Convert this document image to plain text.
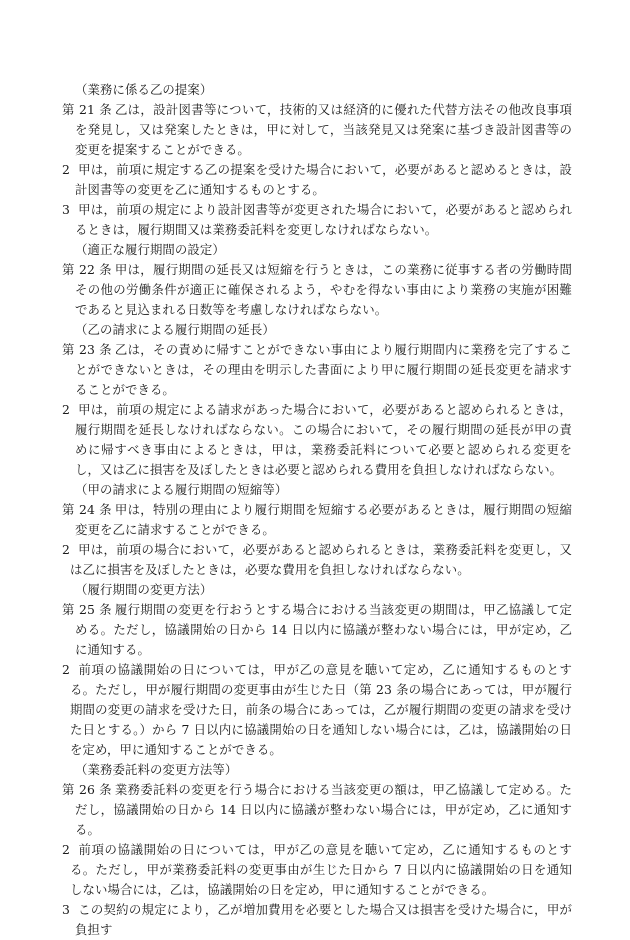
（業務に係る乙の提案）

第 21 条 乙は，設計図書等について，技術的又は経済的に優れた代替方法その他改良事項を発見し，又は発案したときは，甲に対して，当該発見又は発案に基づき設計図書等の変更を提案することができる。

2 甲は，前項に規定する乙の提案を受けた場合において，必要があると認めるときは，設計図書等の変更を乙に通知するものとする。

3 甲は，前項の規定により設計図書等が変更された場合において，必要があると認められるときは，履行期間又は業務委託料を変更しなければならない。

（適正な履行期間の設定）

第 22 条 甲は，履行期間の延長又は短縮を行うときは，この業務に従事する者の労働時間その他の労働条件が適正に確保されるよう，やむを得ない事由により業務の実施が困難であると見込まれる日数等を考慮しなければならない。

（乙の請求による履行期間の延長）

第 23 条 乙は，その責めに帰すことができない事由により履行期間内に業務を完了することができないときは，その理由を明示した書面により甲に履行期間の延長変更を請求することができる。

2 甲は，前項の規定による請求があった場合において，必要があると認められるときは，履行期間を延長しなければならない。この場合において，その履行期間の延長が甲の責めに帰すべき事由によるときは，甲は，業務委託料について必要と認められる変更をし，又は乙に損害を及ぼしたときは必要と認められる費用を負担しなければならない。

（甲の請求による履行期間の短縮等）

第 24 条 甲は，特別の理由により履行期間を短縮する必要があるときは，履行期間の短縮変更を乙に請求することができる。

2 甲は，前項の場合において，必要があると認められるときは，業務委託料を変更し，又は乙に損害を及ぼしたときは，必要な費用を負担しなければならない。

（履行期間の変更方法）

第 25 条 履行期間の変更を行おうとする場合における当該変更の期間は，甲乙協議して定める。ただし，協議開始の日から 14 日以内に協議が整わない場合には，甲が定め，乙に通知する。

2 前項の協議開始の日については，甲が乙の意見を聴いて定め，乙に通知するものとする。ただし，甲が履行期間の変更事由が生じた日（第 23 条の場合にあっては，甲が履行期間の変更の請求を受けた日，前条の場合にあっては，乙が履行期間の変更の請求を受けた日とする。）から 7 日以内に協議開始の日を通知しない場合には，乙は，協議開始の日を定め，甲に通知することができる。

（業務委託料の変更方法等）

第 26 条 業務委託料の変更を行う場合における当該変更の額は，甲乙協議して定める。ただし，協議開始の日から 14 日以内に協議が整わない場合には，甲が定め，乙に通知する。

2 前項の協議開始の日については，甲が乙の意見を聴いて定め，乙に通知するものとする。ただし，甲が業務委託料の変更事由が生じた日から 7 日以内に協議開始の日を通知しない場合には，乙は，協議開始の日を定め，甲に通知することができる。

3 この契約の規定により，乙が増加費用を必要とした場合又は損害を受けた場合に，甲が負担す
